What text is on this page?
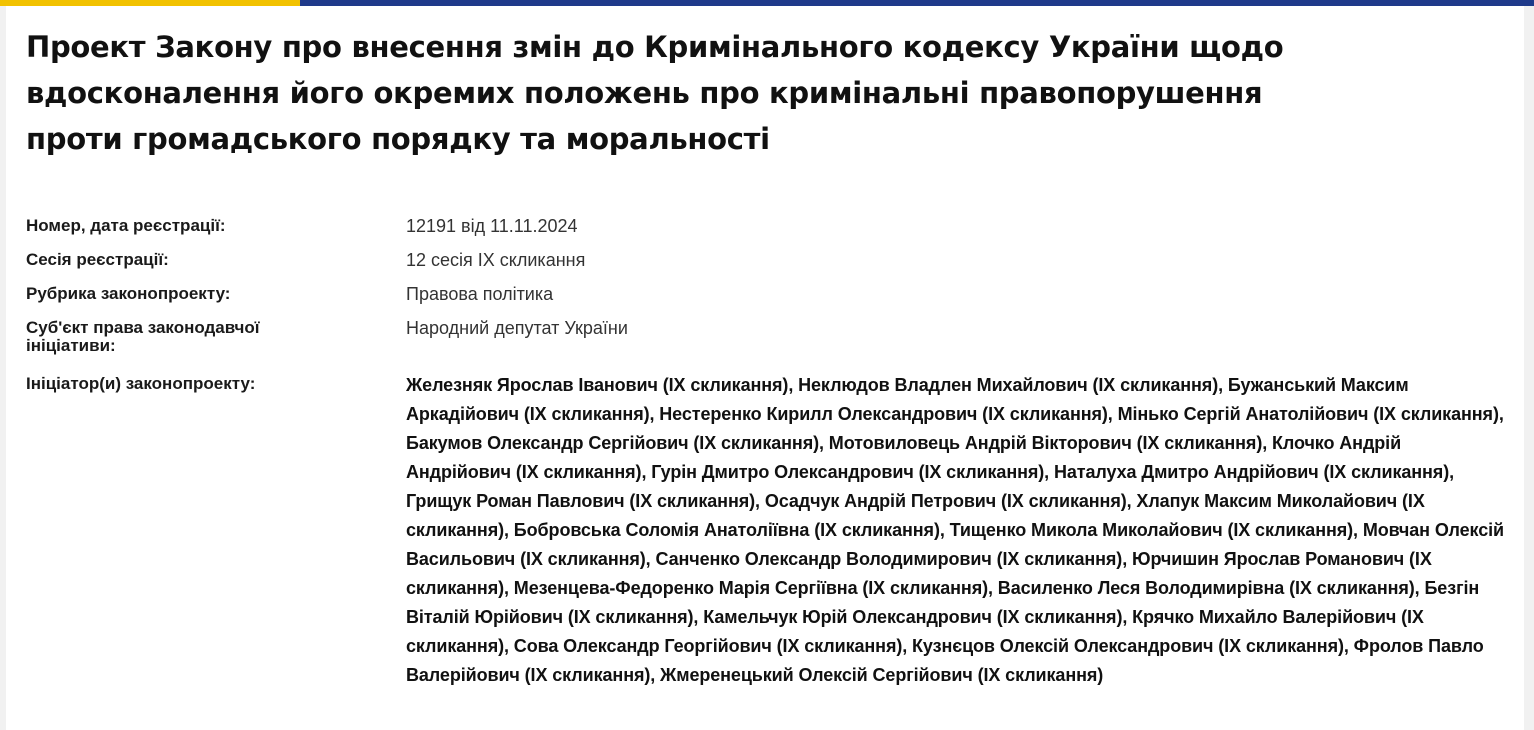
Проект Закону про внесення змін до Кримінального кодексу України щодо вдосконалення його окремих положень про кримінальні правопорушення проти громадського порядку та моральності
Номер, дата реєстрації:	12191 від 11.11.2024
Сесія реєстрації:	12 сесія IX скликання
Рубрика законопроекту:	Правова політика
Суб'єкт права законодавчої ініціативи:
Народний депутат України
Ініціатор(и) законопроекту:	Железняк Ярослав Іванович (IX скликання), Неклюдов Владлен Михайлович (IX скликання), Бужанський Максим Аркадійович (IX скликання), Нестеренко Кирилл Олександрович (IX скликання), Мінько Сергій Анатолійович (IX скликання), Бакумов Олександр Сергійович (IX скликання), Мотовиловець Андрій Вікторович (IX скликання), Клочко Андрій Андрійович (IX скликання), Гурін Дмитро Олександрович (IX скликання), Наталуха Дмитро Андрійович (IX скликання), Грищук Роман Павлович (IX скликання), Осадчук Андрій Петрович (IX скликання), Хлапук Максим Миколайович (IX скликання), Бобровська Соломія Анатоліївна (IX скликання), Тищенко Микола Миколайович (IX скликання), Мовчан Олексій Васильович (IX скликання), Санченко Олександр Володимирович (IX скликання), Юрчишин Ярослав Романович (IX скликання), Мезенцева-Федоренко Марія Сергіївна (IX скликання), Василенко Леся Володимирівна (IX скликання), Безгін Віталій Юрійович (IX скликання), Камельчук Юрій Олександрович (IX скликання), Крячко Михайло Валерійович (IX скликання), Сова Олександр Георгійович (IX скликання), Кузнєцов Олексій Олександрович (IX скликання), Фролов Павло Валерійович (IX скликання), Жмеренецький Олексій Сергійович (IX скликання)
